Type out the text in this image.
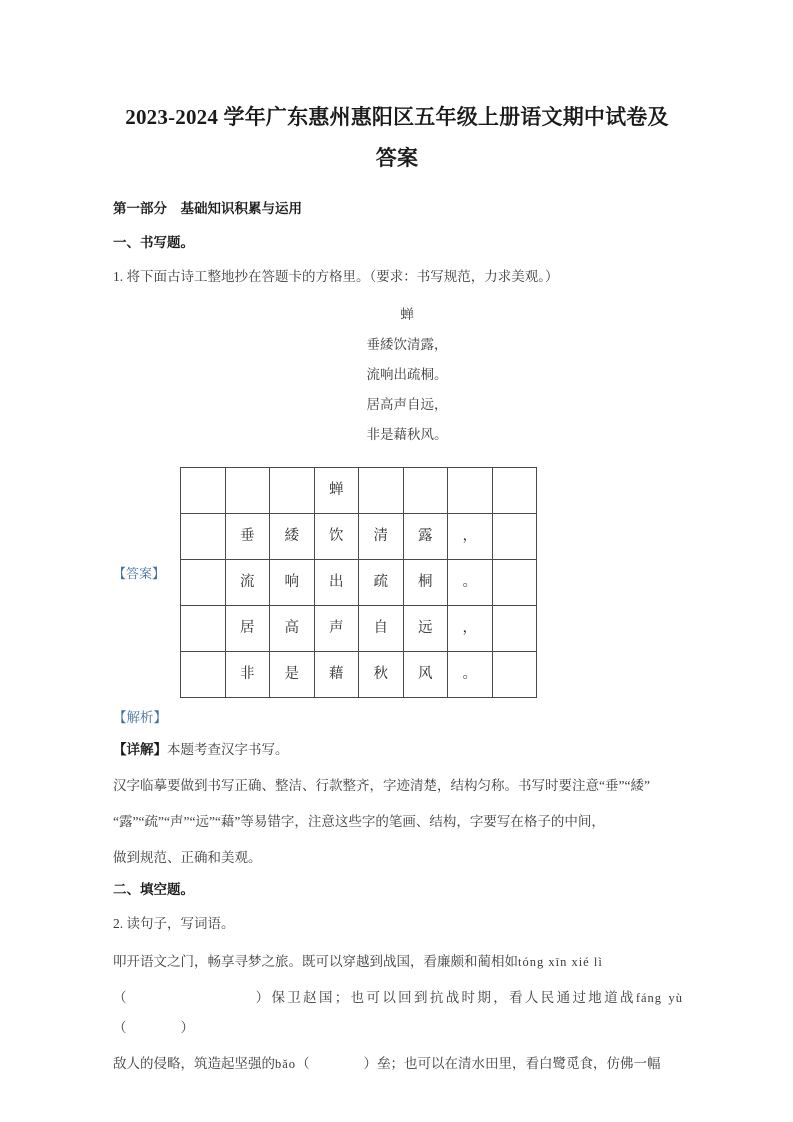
2023-2024 学年广东惠州惠阳区五年级上册语文期中试卷及
答案
第一部分　基础知识积累与运用
一、书写题。
1. 将下面古诗工整地抄在答题卡的方格里。（要求：书写规范，力求美观。）
蝉
垂緌饮清露，
流响出疏桐。
居高声自远，
非是藉秋风。
【答案】
			蝉				
	垂	緌	饮	清	露	，	
	流	响	出	疏	桐	。	
	居	高	声	自	远	，	
	非	是	藉	秋	风	。	
【解析】
【详解】本题考查汉字书写。
汉字临摹要做到书写正确、整洁、行款整齐，字迹清楚，结构匀称。书写时要注意“垂”“緌”
“露”“疏”“声”“远”“藉”等易错字，注意这些字的笔画、结构，字要写在格子的中间，
做到规范、正确和美观。
二、填空题。
2. 读句子，写词语。
叩开语文之门，畅享寻梦之旅。既可以穿越到战国，看廉颇和蔺相如tóng xīn xié lì
（　　　　　　　　）保卫赵国；也可以回到抗战时期，看人民通过地道战fáng yù（　　　　）
敌人的侵略，筑造起坚强的bǎo（　　　　）垒；也可以在清水田里，看白鹭觅食，仿佛一幅
